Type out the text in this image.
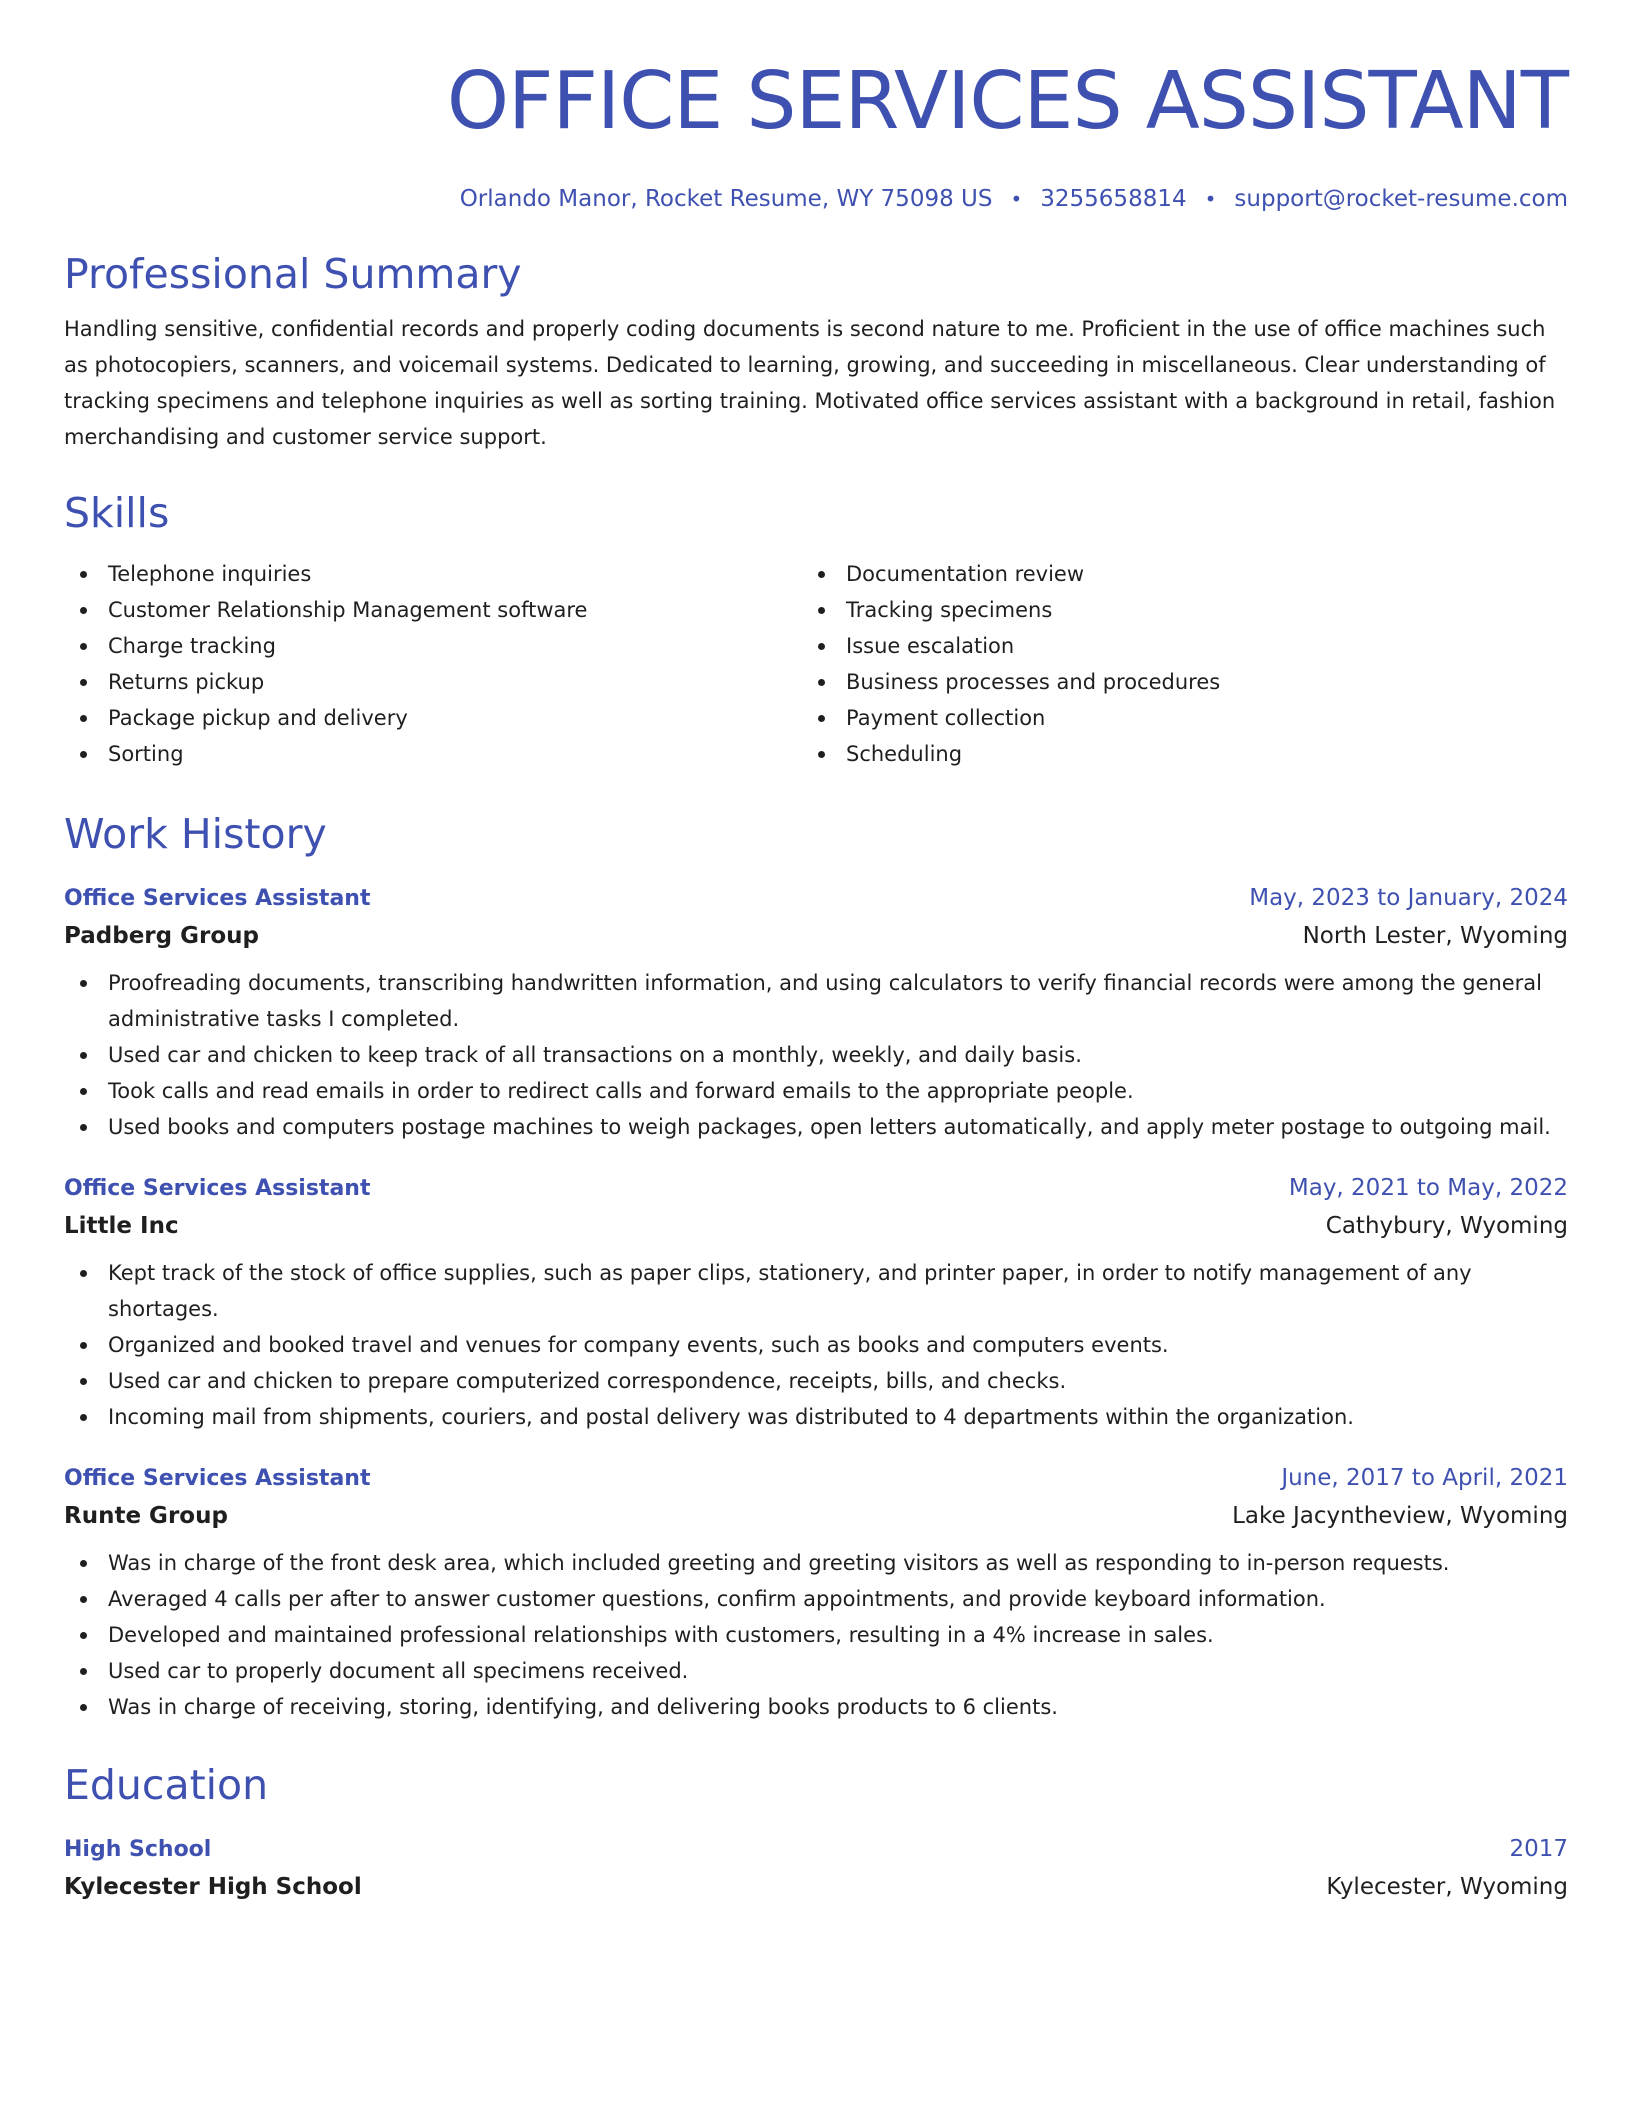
OFFICE SERVICES ASSISTANT
Orlando Manor, Rocket Resume, WY 75098 US • 3255658814 • support@rocket-resume.com
Professional Summary

Handling sensitive, confidential records and properly coding documents is second nature to me. Proficient in the use of office machines such as photocopiers, scanners, and voicemail systems. Dedicated to learning, growing, and succeeding in miscellaneous. Clear understanding of tracking specimens and telephone inquiries as well as sorting training. Motivated office services assistant with a background in retail, fashion merchandising and customer service support.

Skills
Telephone inquiries
Customer Relationship Management software
Charge tracking
Returns pickup
Package pickup and delivery
Sorting
Documentation review
Tracking specimens
Issue escalation
Business processes and procedures
Payment collection
Scheduling
Work History
Office Services Assistant	May, 2023 to January, 2024
Padberg Group	North Lester, Wyoming
Proofreading documents, transcribing handwritten information, and using calculators to verify financial records were among the general administrative tasks I completed.
Used car and chicken to keep track of all transactions on a monthly, weekly, and daily basis.
Took calls and read emails in order to redirect calls and forward emails to the appropriate people.
Used books and computers postage machines to weigh packages, open letters automatically, and apply meter postage to outgoing mail.
Office Services Assistant	May, 2021 to May, 2022
Little Inc	Cathybury, Wyoming
Kept track of the stock of office supplies, such as paper clips, stationery, and printer paper, in order to notify management of any shortages.
Organized and booked travel and venues for company events, such as books and computers events.
Used car and chicken to prepare computerized correspondence, receipts, bills, and checks.
Incoming mail from shipments, couriers, and postal delivery was distributed to 4 departments within the organization.
Office Services Assistant	June, 2017 to April, 2021
Runte Group	Lake Jacyntheview, Wyoming
Was in charge of the front desk area, which included greeting and greeting visitors as well as responding to in-person requests.
Averaged 4 calls per after to answer customer questions, confirm appointments, and provide keyboard information.
Developed and maintained professional relationships with customers, resulting in a 4% increase in sales.
Used car to properly document all specimens received.
Was in charge of receiving, storing, identifying, and delivering books products to 6 clients.
Education
High School	2017
Kylecester High School	Kylecester, Wyoming
